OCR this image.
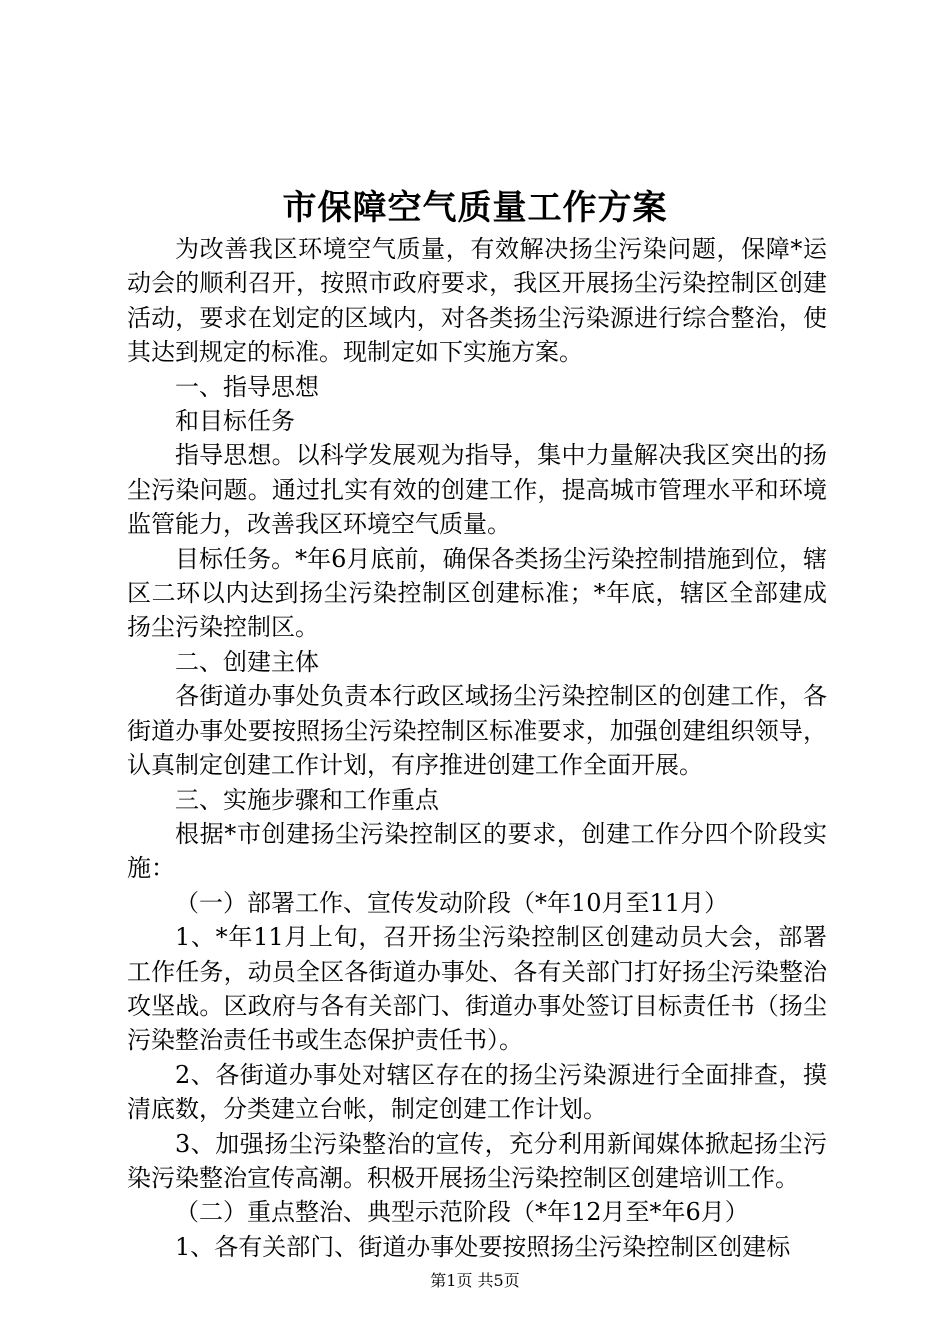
市保障空气质量工作方案

为改善我区环境空气质量，有效解决扬尘污染问题，保障*运动会的顺利召开，按照市政府要求，我区开展扬尘污染控制区创建活动，要求在划定的区域内，对各类扬尘污染源进行综合整治，使其达到规定的标准。现制定如下实施方案。

一、指导思想

和目标任务

指导思想。以科学发展观为指导，集中力量解决我区突出的扬尘污染问题。通过扎实有效的创建工作，提高城市管理水平和环境监管能力，改善我区环境空气质量。

目标任务。*年6月底前，确保各类扬尘污染控制措施到位，辖区二环以内达到扬尘污染控制区创建标准；*年底，辖区全部建成扬尘污染控制区。

二、创建主体

各街道办事处负责本行政区域扬尘污染控制区的创建工作，各街道办事处要按照扬尘污染控制区标准要求，加强创建组织领导，认真制定创建工作计划，有序推进创建工作全面开展。

三、实施步骤和工作重点

根据*市创建扬尘污染控制区的要求，创建工作分四个阶段实施：

（一）部署工作、宣传发动阶段（*年10月至11月）

1、*年11月上旬，召开扬尘污染控制区创建动员大会，部署工作任务，动员全区各街道办事处、各有关部门打好扬尘污染整治攻坚战。区政府与各有关部门、街道办事处签订目标责任书（扬尘污染整治责任书或生态保护责任书）。

2、各街道办事处对辖区存在的扬尘污染源进行全面排查，摸清底数，分类建立台帐，制定创建工作计划。

3、加强扬尘污染整治的宣传，充分利用新闻媒体掀起扬尘污染污染整治宣传高潮。积极开展扬尘污染控制区创建培训工作。

（二）重点整治、典型示范阶段（*年12月至*年6月）

1、各有关部门、街道办事处要按照扬尘污染控制区创建标

第1页 共5页
